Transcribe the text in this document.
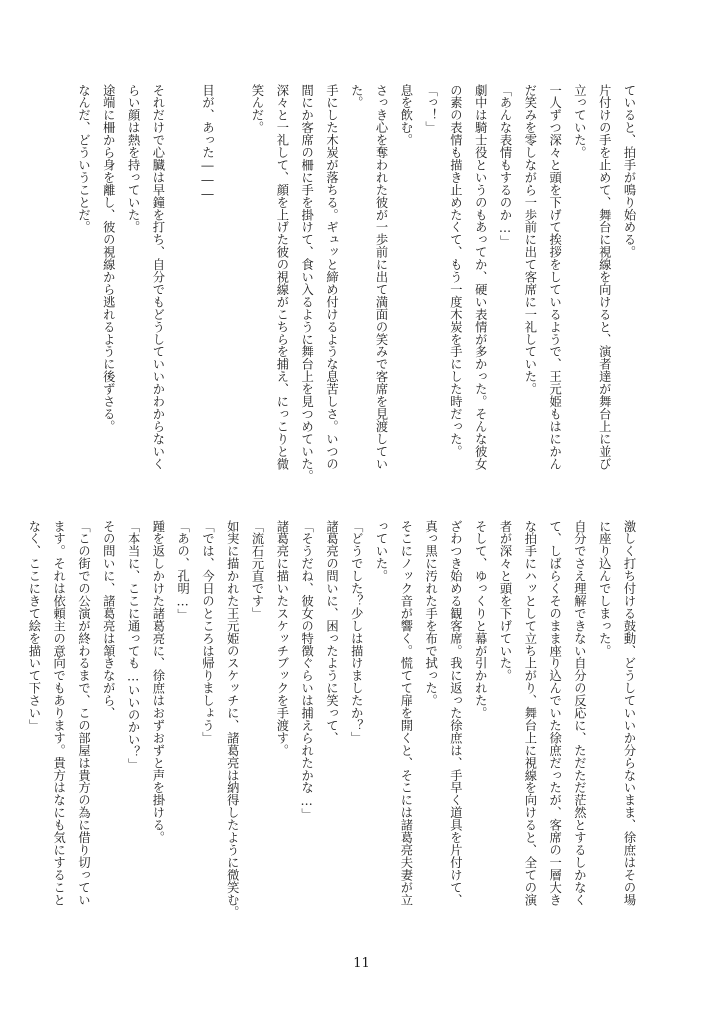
ていると、拍手が鳴り始める。
片付けの手を止めて、舞台に視線を向けると、演者達が舞台上に並び
立っていた。
一人ずつ深々と頭を下げて挨拶をしているようで、王元姫もはにかん
だ笑みを零しながら一歩前に出て客席に一礼していた。
「あんな表情もするのか…」
劇中は騎士役というのもあってか、硬い表情が多かった。そんな彼女
の素の表情も描き止めたくて、もう一度木炭を手にした時だった。
「っ！」
息を飲む。
さっき心を奪われた彼が一歩前に出て満面の笑みで客席を見渡してい
た。
手にした木炭が落ちる。ギュッと締め付けるような息苦しさ。いつの
間にか客席の柵に手を掛けて、食い入るように舞台上を見つめていた。
深々と一礼して、顔を上げた彼の視線がこちらを捕え、にっこりと微
笑んだ。

目が、あった―――

それだけで心臓は早鐘を打ち、自分でもどうしていいかわからないく
らい顔は熱を持っていた。
途端に柵から身を離し、彼の視線から逃れるように後ずさる。
なんだ、どういうことだ。
激しく打ち付ける鼓動、どうしていいか分らないまま、徐庶はその場
に座り込んでしまった。
自分でさえ理解できない自分の反応に、ただただ茫然とするしかなく
て、しばらくそのまま座り込んでいた徐庶だったが、客席の一層大き
な拍手にハッとして立ち上がり、舞台上に視線を向けると、全ての演
者が深々と頭を下げていた。
そして、ゆっくりと幕が引かれた。
ざわつき始める観客席。我に返った徐庶は、手早く道具を片付けて、
真っ黒に汚れた手を布で拭った。
そこにノック音が響く。慌てて扉を開くと、そこには諸葛亮夫妻が立
っていた。
「どうでした？少しは描けましたか？」
諸葛亮の問いに、困ったように笑って、
「そうだね、彼女の特徴ぐらいは捕えられたかな…」
諸葛亮に描いたスケッチブックを手渡す。
「流石元直です」
如実に描かれた王元姫のスケッチに、諸葛亮は納得したように微笑む。
「では、今日のところは帰りましょう」
「あの、孔明…」
踵を返しかけた諸葛亮に、徐庶はおずおずと声を掛ける。
「本当に、ここに通っても…いいのかい？」
その問いに、諸葛亮は頷きながら、
「この街での公演が終わるまで、この部屋は貴方の為に借り切ってい
ます。それは依頼主の意向でもあります。貴方はなにも気にすること
なく、ここにきて絵を描いて下さい」
11
